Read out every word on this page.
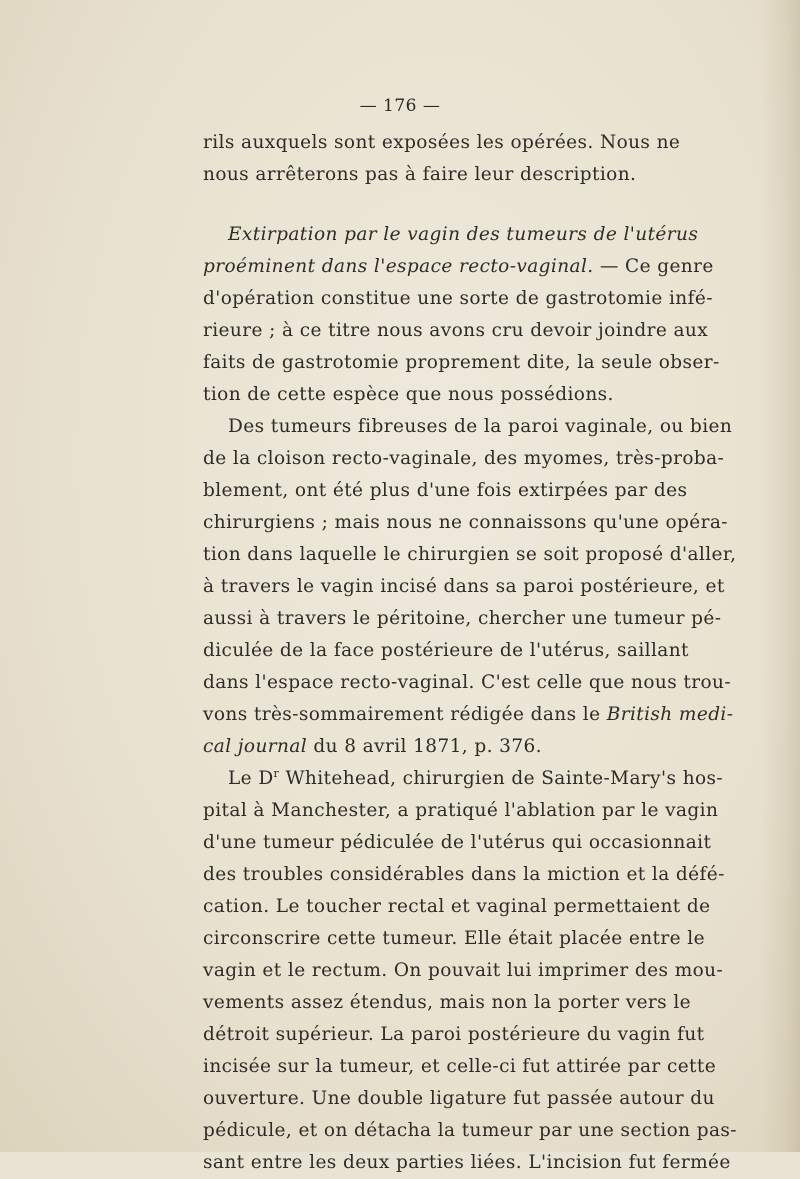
— 176 —
rils auxquels sont exposées les opérées. Nous ne
nous arrêterons pas à faire leur description.
Extirpation par le vagin des tumeurs de l'utérus
proéminent dans l'espace recto-vaginal. — Ce genre
d'opération constitue une sorte de gastrotomie infé-
rieure ; à ce titre nous avons cru devoir joindre aux
faits de gastrotomie proprement dite, la seule obser-
tion de cette espèce que nous possédions.
Des tumeurs fibreuses de la paroi vaginale, ou bien
de la cloison recto-vaginale, des myomes, très-proba-
blement, ont été plus d'une fois extirpées par des
chirurgiens ; mais nous ne connaissons qu'une opéra-
tion dans laquelle le chirurgien se soit proposé d'aller,
à travers le vagin incisé dans sa paroi postérieure, et
aussi à travers le péritoine, chercher une tumeur pé-
diculée de la face postérieure de l'utérus, saillant
dans l'espace recto-vaginal. C'est celle que nous trou-
vons très-sommairement rédigée dans le British medi-
cal journal du 8 avril 1871, p. 376.
Le $D^r$ Whitehead, chirurgien de Sainte-Mary's hos-
pital à Manchester, a pratiqué l'ablation par le vagin
d'une tumeur pédiculée de l'utérus qui occasionnait
des troubles considérables dans la miction et la défé-
cation. Le toucher rectal et vaginal permettaient de
circonscrire cette tumeur. Elle était placée entre le
vagin et le rectum. On pouvait lui imprimer des mou-
vements assez étendus, mais non la porter vers le
détroit supérieur. La paroi postérieure du vagin fut
incisée sur la tumeur, et celle-ci fut attirée par cette
ouverture. Une double ligature fut passée autour du
pédicule, et on détacha la tumeur par une section pas-
sant entre les deux parties liées. L'incision fut fermée
